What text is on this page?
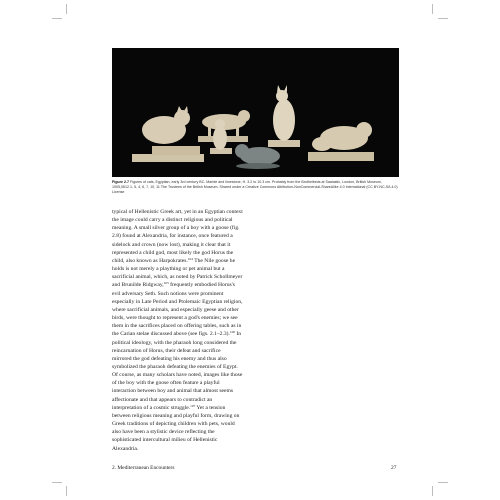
Figure 2.7 Figures of cats, Egyptian, early 3rd century BC. Marble and limestone, H. 3.2 to 10.3 cm. Probably from the Brothelbeds at Saalastic, London, British Museum, 1905,0612.1- 5, 4, 6, 7, 10, 11 The Trustees of the British Museum. Shared under a Creative Commons Attribution-NonCommercial-ShareAlike 4.0 International (CC BY-NC-SA 4.0) License
typical of Hellenistic Greek art, yet in an Egyptian context
the image could carry a distinct religious and political
meaning. A small silver group of a boy with a goose (fig.
2.8) found at Alexandria, for instance, once featured a
sidelock and crown (now lost), making it clear that it
represented a child god, most likely the god Horus the
child, also known as Harpokrates.$^{104}$ The Nile goose he
holds is not merely a plaything or pet animal but a
sacrificial animal, which, as noted by Patrick Schollmeyer
and Brunilde Ridgway,$^{105}$ frequently embodied Horus's
evil adversary Seth. Such notions were prominent
especially in Late Period and Ptolemaic Egyptian religion,
where sacrificial animals, and especially geese and other
birds, were thought to represent a god's enemies; we see
them in the sacrifices placed on offering tables, such as in
the Carian stelae discussed above (see figs. 2.1–2.3).$^{106}$ In
political ideology, with the pharaoh long considered the
reincarnation of Horus, their defeat and sacrifice
mirrored the god defeating his enemy and thus also
symbolized the pharaoh defeating the enemies of Egypt.
Of course, as many scholars have noted, images like those
of the boy with the goose often feature a playful
interaction between boy and animal that almost seems
affectionate and that appears to contradict an
interpretation of a cosmic struggle.$^{107}$ Yet a tension
between religious meaning and playful form, drawing on
Greek traditions of depicting children with pets, would
also have been a stylistic device reflecting the
sophisticated intercultural milieu of Hellenistic
Alexandria.
2. Mediterranean Encounters	27
